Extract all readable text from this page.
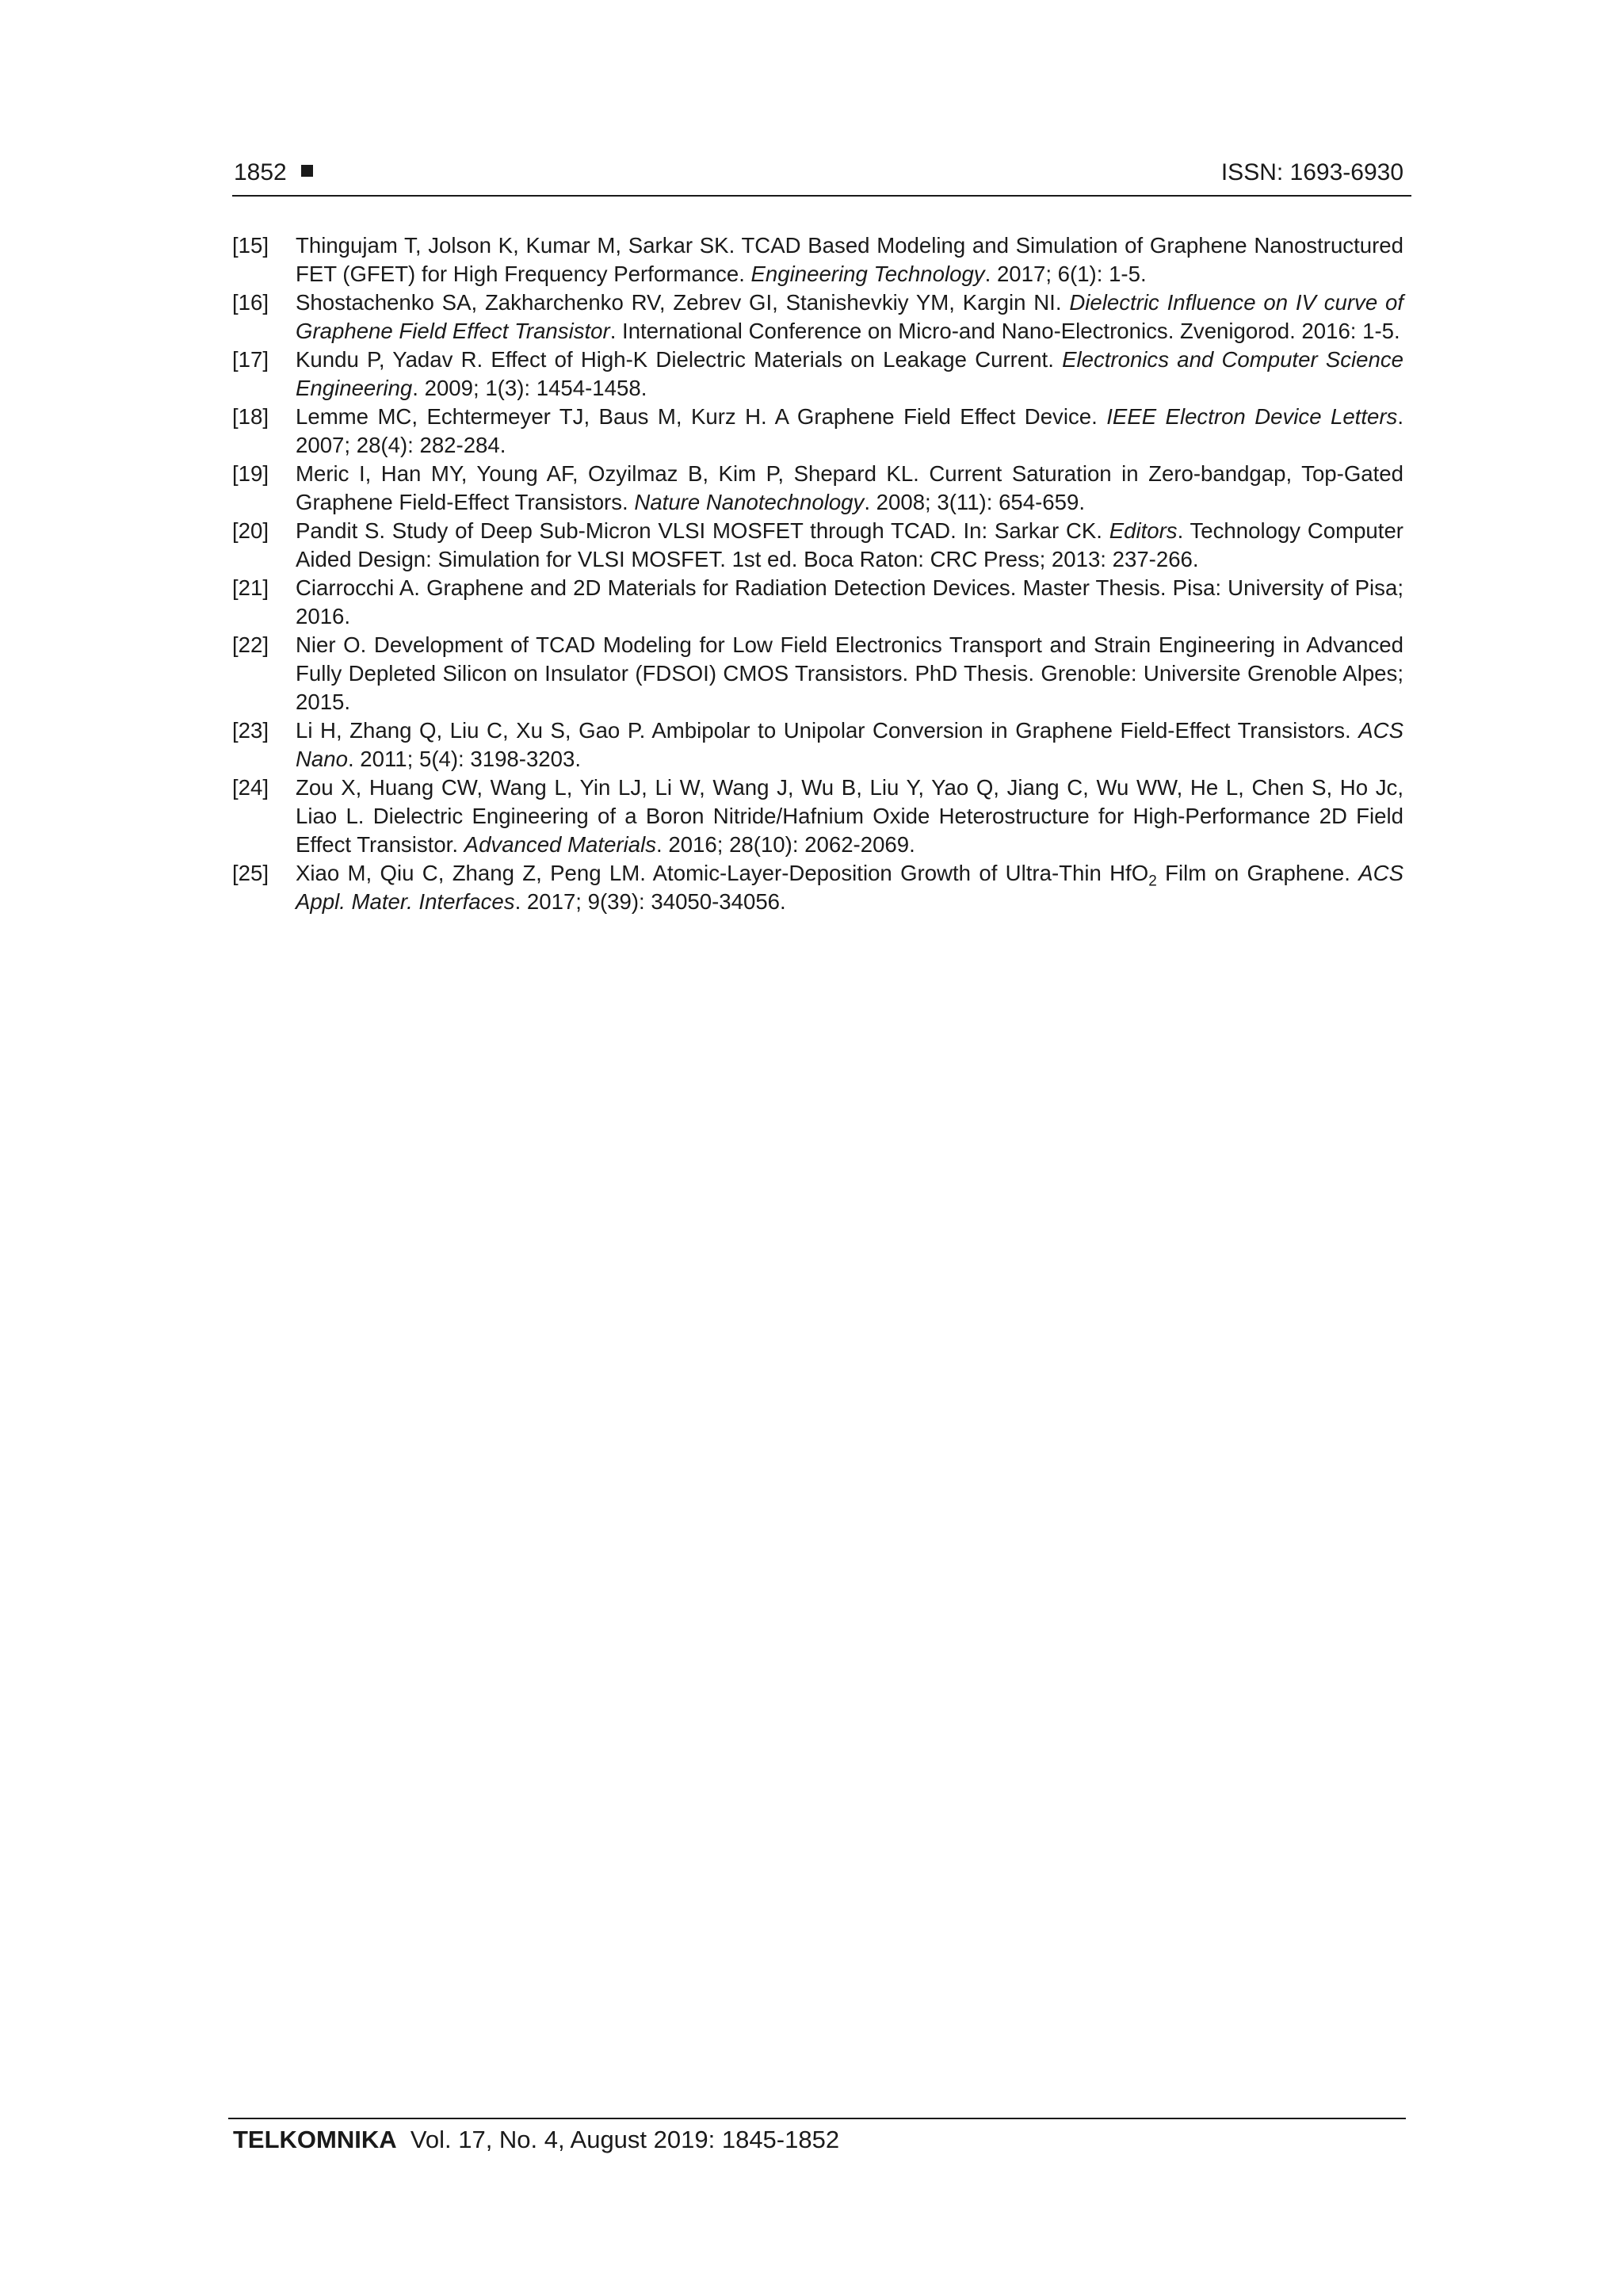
1852	ISSN: 1693-6930
[15]	Thingujam T, Jolson K, Kumar M, Sarkar SK. TCAD Based Modeling and Simulation of Graphene Nanostructured FET (GFET) for High Frequency Performance. Engineering Technology. 2017; 6(1): 1-5.
[16]	Shostachenko SA, Zakharchenko RV, Zebrev GI, Stanishevkiy YM, Kargin NI. Dielectric Influence on IV curve of Graphene Field Effect Transistor. International Conference on Micro-and Nano-Electronics. Zvenigorod. 2016: 1-5.
[17]	Kundu P, Yadav R. Effect of High-K Dielectric Materials on Leakage Current. Electronics and Computer Science Engineering. 2009; 1(3): 1454-1458.
[18]	Lemme MC, Echtermeyer TJ, Baus M, Kurz H. A Graphene Field Effect Device. IEEE Electron Device Letters. 2007; 28(4): 282-284.
[19]	Meric I, Han MY, Young AF, Ozyilmaz B, Kim P, Shepard KL. Current Saturation in Zero-bandgap, Top-Gated Graphene Field-Effect Transistors. Nature Nanotechnology. 2008; 3(11): 654-659.
[20]	Pandit S. Study of Deep Sub-Micron VLSI MOSFET through TCAD. In: Sarkar CK. Editors. Technology Computer Aided Design: Simulation for VLSI MOSFET. 1st ed. Boca Raton: CRC Press; 2013: 237-266.
[21]	Ciarrocchi A. Graphene and 2D Materials for Radiation Detection Devices. Master Thesis. Pisa: University of Pisa; 2016.
[22]	Nier O. Development of TCAD Modeling for Low Field Electronics Transport and Strain Engineering in Advanced Fully Depleted Silicon on Insulator (FDSOI) CMOS Transistors. PhD Thesis. Grenoble: Universite Grenoble Alpes; 2015.
[23]	Li H, Zhang Q, Liu C, Xu S, Gao P. Ambipolar to Unipolar Conversion in Graphene Field-Effect Transistors. ACS Nano. 2011; 5(4): 3198-3203.
[24]	Zou X, Huang CW, Wang L, Yin LJ, Li W, Wang J, Wu B, Liu Y, Yao Q, Jiang C, Wu WW, He L, Chen S, Ho Jc, Liao L. Dielectric Engineering of a Boron Nitride/Hafnium Oxide Heterostructure for High-Performance 2D Field Effect Transistor. Advanced Materials. 2016; 28(10): 2062-2069.
[25]	Xiao M, Qiu C, Zhang Z, Peng LM. Atomic-Layer-Deposition Growth of Ultra-Thin HfO$_2$ Film on Graphene. ACS Appl. Mater. Interfaces. 2017; 9(39): 34050-34056.
TELKOMNIKA Vol. 17, No. 4, August 2019: 1845-1852
